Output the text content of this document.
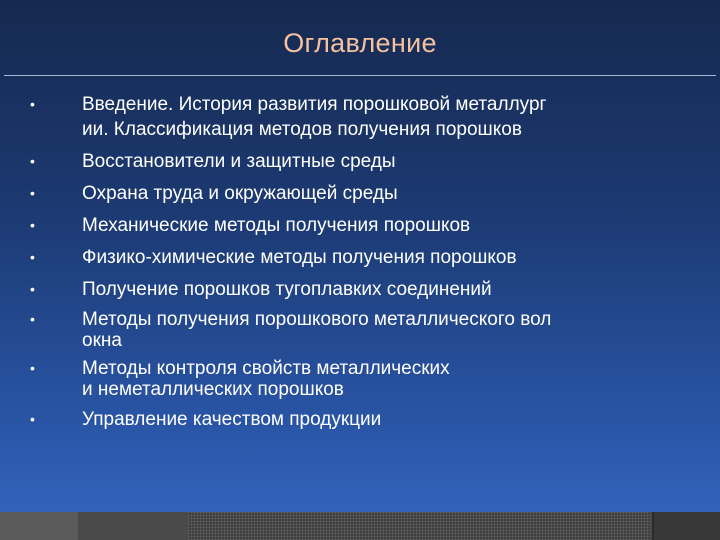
Оглавление
•	Введение. История развития порошковой металлург
ии. Классификация методов получения порошков
•	Восстановители и защитные среды
•	Охрана труда и окружающей среды
•	Механические методы получения порошков
•	Физико-химические методы получения порошков
•	Получение порошков тугоплавких соединений
•	Методы получения порошкового металлического вол
окна
•	Методы контроля свойств металлических
и неметаллических порошков
•	Управление качеством продукции
